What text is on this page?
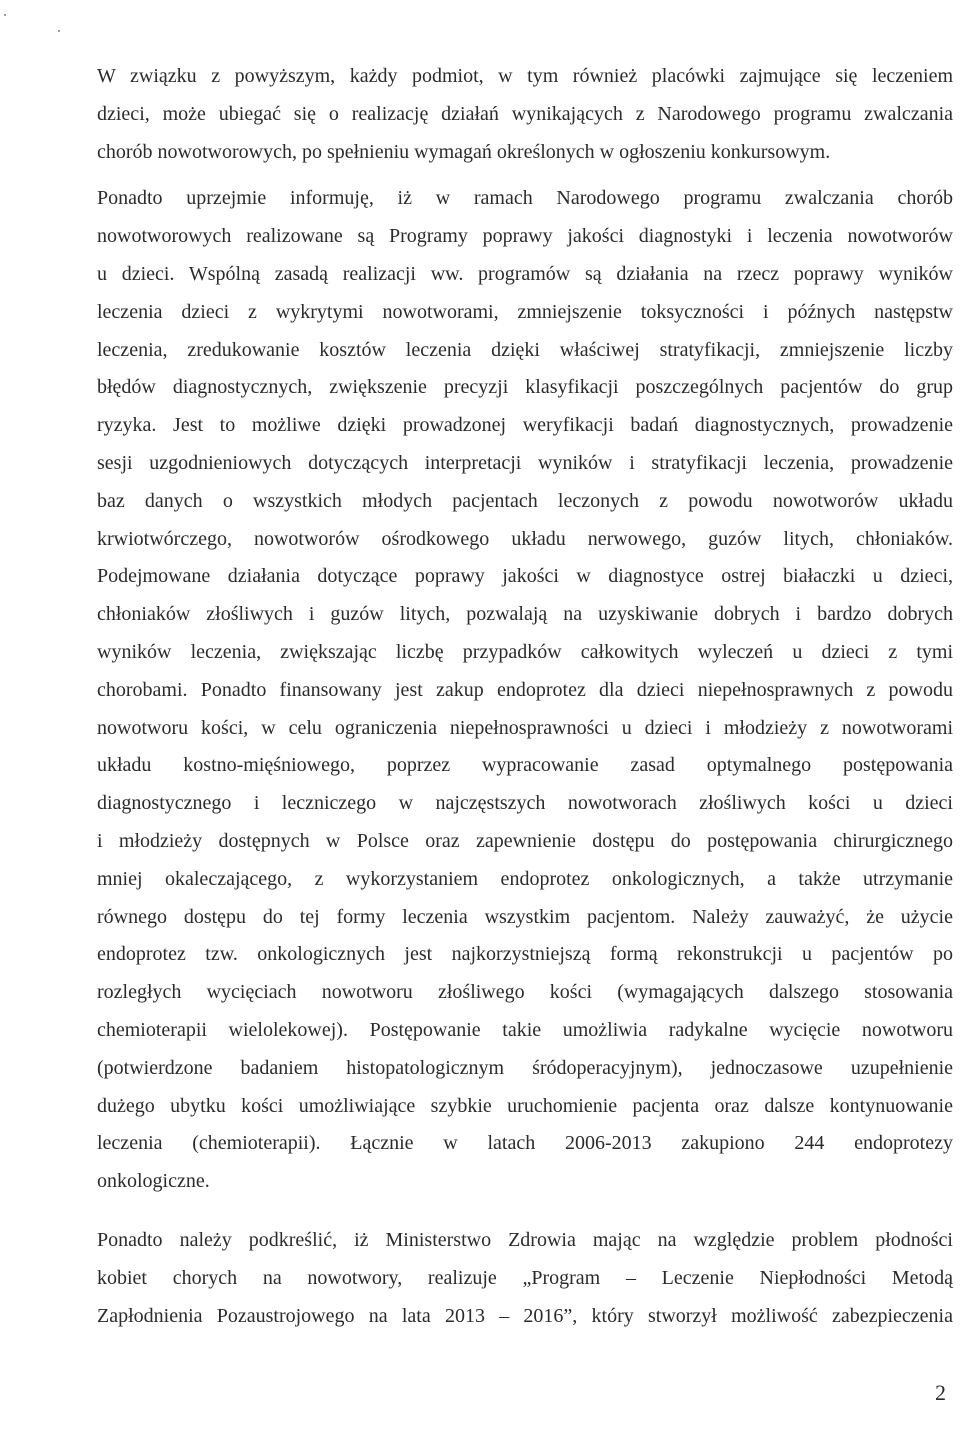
W związku z powyższym, każdy podmiot, w tym również placówki zajmujące się leczeniem
dzieci, może ubiegać się o realizację działań wynikających z Narodowego programu zwalczania
chorób nowotworowych, po spełnieniu wymagań określonych w ogłoszeniu konkursowym.

Ponadto uprzejmie informuję, iż w ramach Narodowego programu zwalczania chorób
nowotworowych realizowane są Programy poprawy jakości diagnostyki i leczenia nowotworów
u dzieci. Wspólną zasadą realizacji ww. programów są działania na rzecz poprawy wyników
leczenia dzieci z wykrytymi nowotworami, zmniejszenie toksyczności i późnych następstw
leczenia, zredukowanie kosztów leczenia dzięki właściwej stratyfikacji, zmniejszenie liczby
błędów diagnostycznych, zwiększenie precyzji klasyfikacji poszczególnych pacjentów do grup
ryzyka. Jest to możliwe dzięki prowadzonej weryfikacji badań diagnostycznych, prowadzenie
sesji uzgodnieniowych dotyczących interpretacji wyników i stratyfikacji leczenia, prowadzenie
baz danych o wszystkich młodych pacjentach leczonych z powodu nowotworów układu
krwiotwórczego, nowotworów ośrodkowego układu nerwowego, guzów litych, chłoniaków.
Podejmowane działania dotyczące poprawy jakości w diagnostyce ostrej białaczki u dzieci,
chłoniaków złośliwych i guzów litych, pozwalają na uzyskiwanie dobrych i bardzo dobrych
wyników leczenia, zwiększając liczbę przypadków całkowitych wyleczeń u dzieci z tymi
chorobami. Ponadto finansowany jest zakup endoprotez dla dzieci niepełnosprawnych z powodu
nowotworu kości, w celu ograniczenia niepełnosprawności u dzieci i młodzieży z nowotworami
układu kostno-mięśniowego, poprzez wypracowanie zasad optymalnego postępowania
diagnostycznego i leczniczego w najczęstszych nowotworach złośliwych kości u dzieci
i młodzieży dostępnych w Polsce oraz zapewnienie dostępu do postępowania chirurgicznego
mniej okaleczającego, z wykorzystaniem endoprotez onkologicznych, a także utrzymanie
równego dostępu do tej formy leczenia wszystkim pacjentom. Należy zauważyć, że użycie
endoprotez tzw. onkologicznych jest najkorzystniejszą formą rekonstrukcji u pacjentów po
rozległych wycięciach nowotworu złośliwego kości (wymagających dalszego stosowania
chemioterapii wielolekowej). Postępowanie takie umożliwia radykalne wycięcie nowotworu
(potwierdzone badaniem histopatologicznym śródoperacyjnym), jednoczasowe uzupełnienie
dużego ubytku kości umożliwiające szybkie uruchomienie pacjenta oraz dalsze kontynuowanie
leczenia (chemioterapii). Łącznie w latach 2006-2013 zakupiono 244 endoprotezy
onkologiczne.

Ponadto należy podkreślić, iż Ministerstwo Zdrowia mając na względzie problem płodności
kobiet chorych na nowotwory, realizuje „Program – Leczenie Niepłodności Metodą
Zapłodnienia Pozaustrojowego na lata 2013 – 2016”, który stworzył możliwość zabezpieczenia

2
